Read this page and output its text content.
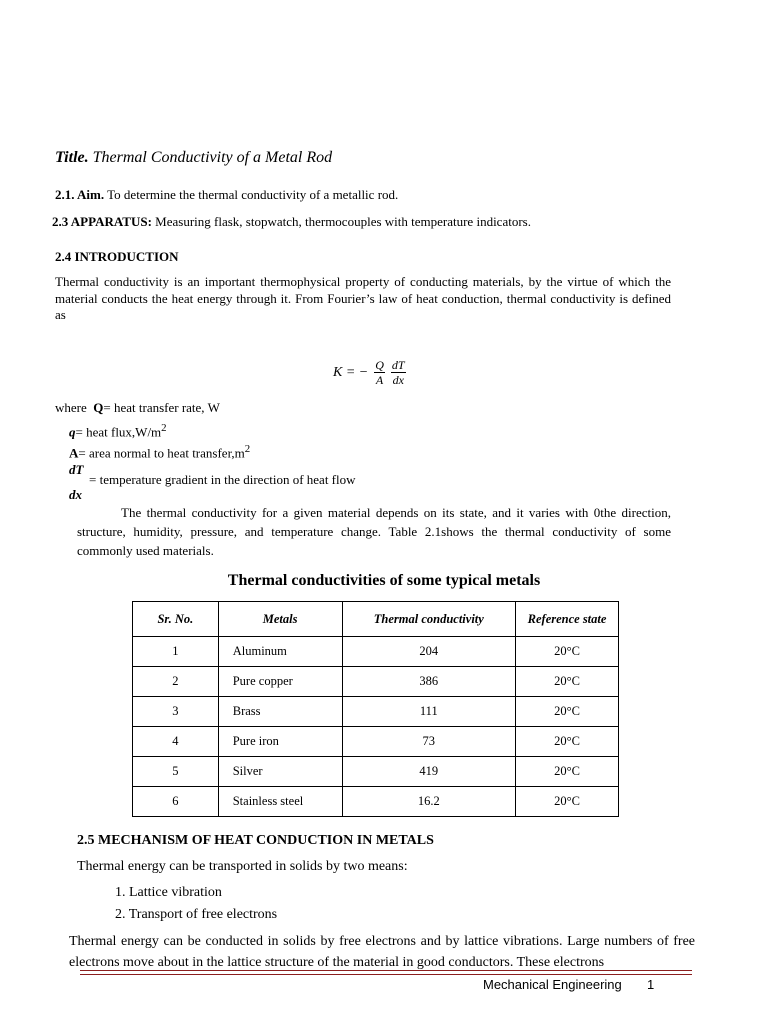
Title. Thermal Conductivity of a Metal Rod
2.1. Aim. To determine the thermal conductivity of a metallic rod.
2.3 APPARATUS: Measuring flask, stopwatch, thermocouples with temperature indicators.
2.4 INTRODUCTION
Thermal conductivity is an important thermophysical property of conducting materials, by the virtue of which the material conducts the heat energy through it. From Fourier’s law of heat conduction, thermal conductivity is defined as
K = − $\frac{Q}{A} \frac{dT}{dx}$
where Q= heat transfer rate, W
q= heat $flux,W/m^2$
A= area normal to heat $transfer,m^2$
dT
= temperature gradient in the direction of heat flow
dx
The thermal conductivity for a given material depends on its state, and it varies with 0the direction, structure, humidity, pressure, and temperature change. Table 2.1shows the thermal conductivity of some commonly used materials.
Thermal conductivities of some typical metals
Sr. No.	Metals	Thermal conductivity	Reference state
1	Aluminum	204	20°C
2	Pure copper	386	20°C
3	Brass	111	20°C
4	Pure iron	73	20°C
5	Silver	419	20°C
6	Stainless steel	16.2	20°C
2.5 MECHANISM OF HEAT CONDUCTION IN METALS
Thermal energy can be transported in solids by two means:
1. Lattice vibration
2. Transport of free electrons
Thermal energy can be conducted in solids by free electrons and by lattice vibrations. Large numbers of free electrons move about in the lattice structure of the material in good conductors. These electrons
Mechanical Engineering 1
